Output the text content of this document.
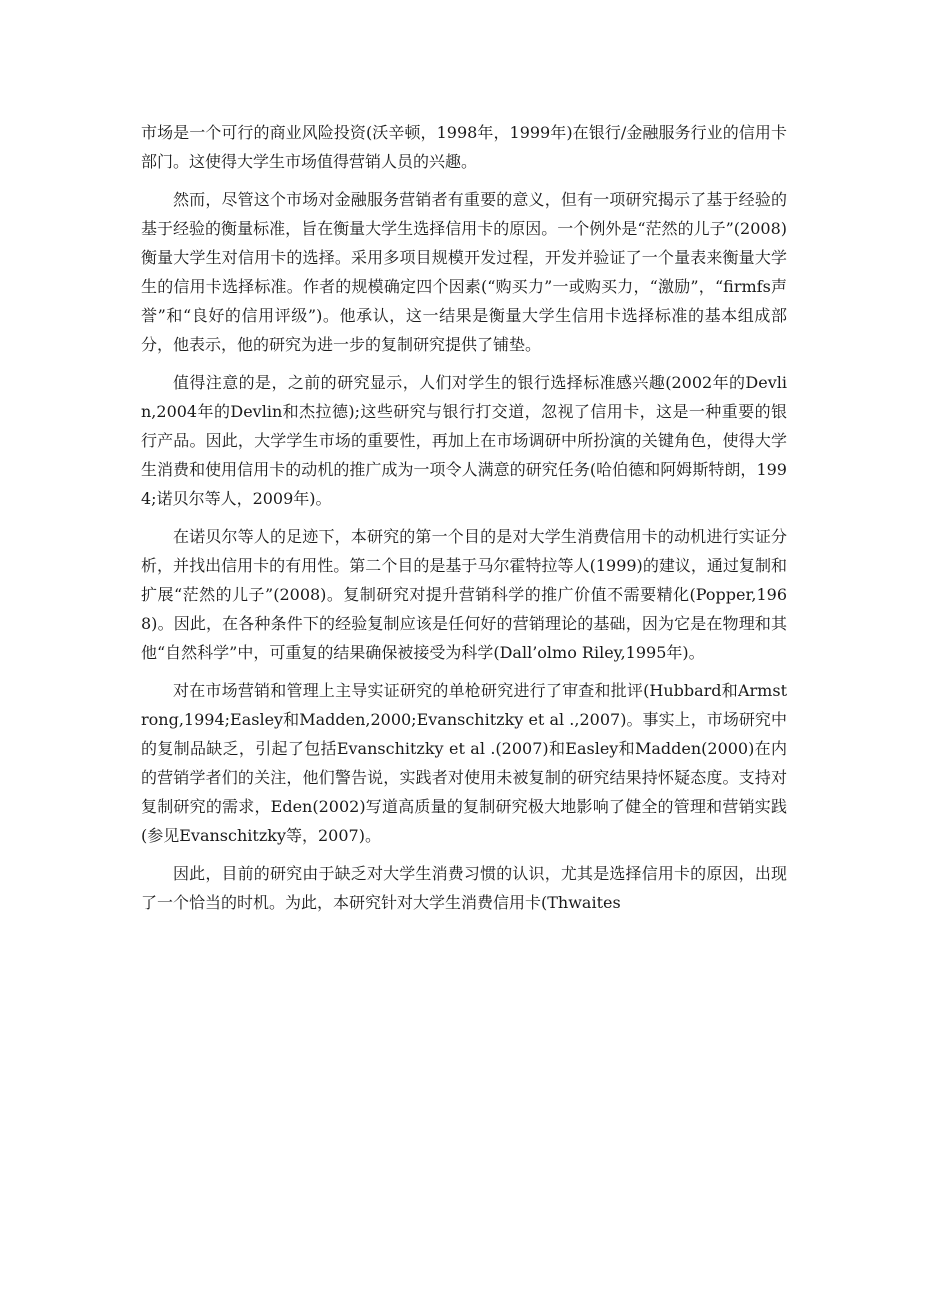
市场是一个可行的商业风险投资(沃辛顿，1998年，1999年)在银行/金融服务行业的信用卡部门。这使得大学生市场值得营销人员的兴趣。

然而，尽管这个市场对金融服务营销者有重要的意义，但有一项研究揭示了基于经验的基于经验的衡量标准，旨在衡量大学生选择信用卡的原因。一个例外是“茫然的儿子”(2008)衡量大学生对信用卡的选择。采用多项目规模开发过程，开发并验证了一个量表来衡量大学生的信用卡选择标准。作者的规模确定四个因素(“购买力”一或购买力，“激励”，“firmfs声誉”和“良好的信用评级”)。他承认，这一结果是衡量大学生信用卡选择标准的基本组成部分，他表示，他的研究为进一步的复制研究提供了铺垫。

值得注意的是，之前的研究显示，人们对学生的银行选择标准感兴趣(2002年的Devlin,2004年的Devlin和杰拉德);这些研究与银行打交道，忽视了信用卡，这是一种重要的银行产品。因此，大学学生市场的重要性，再加上在市场调研中所扮演的关键角色，使得大学生消费和使用信用卡的动机的推广成为一项令人满意的研究任务(哈伯德和阿姆斯特朗，1994;诺贝尔等人，2009年)。

在诺贝尔等人的足迹下，本研究的第一个目的是对大学生消费信用卡的动机进行实证分析，并找出信用卡的有用性。第二个目的是基于马尔霍特拉等人(1999)的建议，通过复制和扩展“茫然的儿子”(2008)。复制研究对提升营销科学的推广价值不需要精化(Popper,1968)。因此，在各种条件下的经验复制应该是任何好的营销理论的基础，因为它是在物理和其他“自然科学”中，可重复的结果确保被接受为科学(Dall’olmo Riley,1995年)。

对在市场营销和管理上主导实证研究的单枪研究进行了审查和批评(Hubbard和Armstrong,1994;Easley和Madden,2000;Evanschitzky et al .,2007)。事实上，市场研究中的复制品缺乏，引起了包括Evanschitzky et al .(2007)和Easley和Madden(2000)在内的营销学者们的关注，他们警告说，实践者对使用未被复制的研究结果持怀疑态度。支持对复制研究的需求，Eden(2002)写道高质量的复制研究极大地影响了健全的管理和营销实践(参见Evanschitzky等，2007)。

因此，目前的研究由于缺乏对大学生消费习惯的认识，尤其是选择信用卡的原因，出现了一个恰当的时机。为此，本研究针对大学生消费信用卡(Thwaites
